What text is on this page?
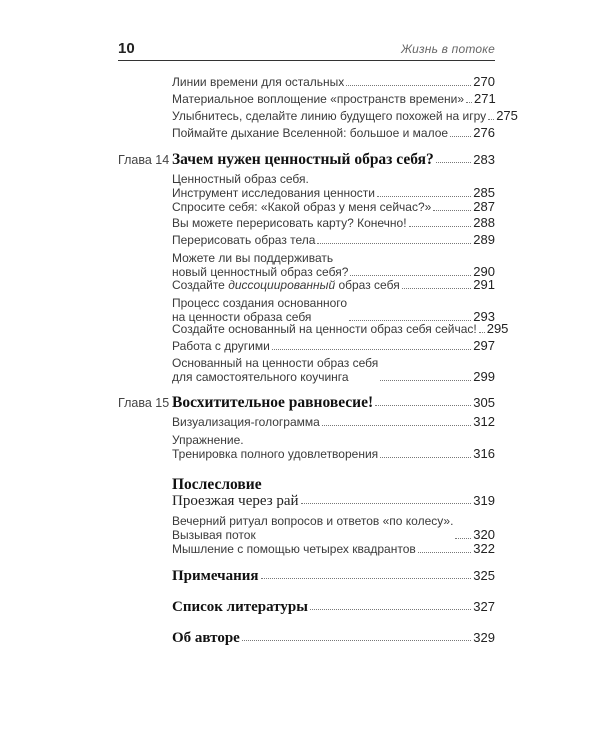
10	Жизнь в потоке
Линии времени для остальных	270
Материальное воплощение «пространств времени» 271
Улыбнитесь, сделайте линию будущего похожей на игру 275
Поймайте дыхание Вселенной: большое и малое 276
Глава 14 Зачем нужен ценностный образ себя?	283
Ценностный образ себя.
Инструмент исследования ценности	285
Спросите себя: «Какой образ у меня сейчас?»	287
Вы можете перерисовать карту? Конечно!	288
Перерисовать образ тела	289
Можете ли вы поддерживать
новый ценностный образ себя?	290
Создайте диссоциированный образ себя	291
Процесс создания основанного
на ценности образа себя	293
Создайте основанный на ценности образ себя сейчас! 295
Работа с другими	297
Основанный на ценности образ себя
для самостоятельного коучинга	299
Глава 15 Восхитительное равновесие!	305
Визуализация-голограмма	312
Упражнение.
Тренировка полного удовлетворения	316
Послесловие
Проезжая через рай	319
Вечерний ритуал вопросов и ответов «по колесу».
Вызывая поток	320
Мышление с помощью четырех квадрантов	322
Примечания	325
Список литературы	327
Об авторе	329
